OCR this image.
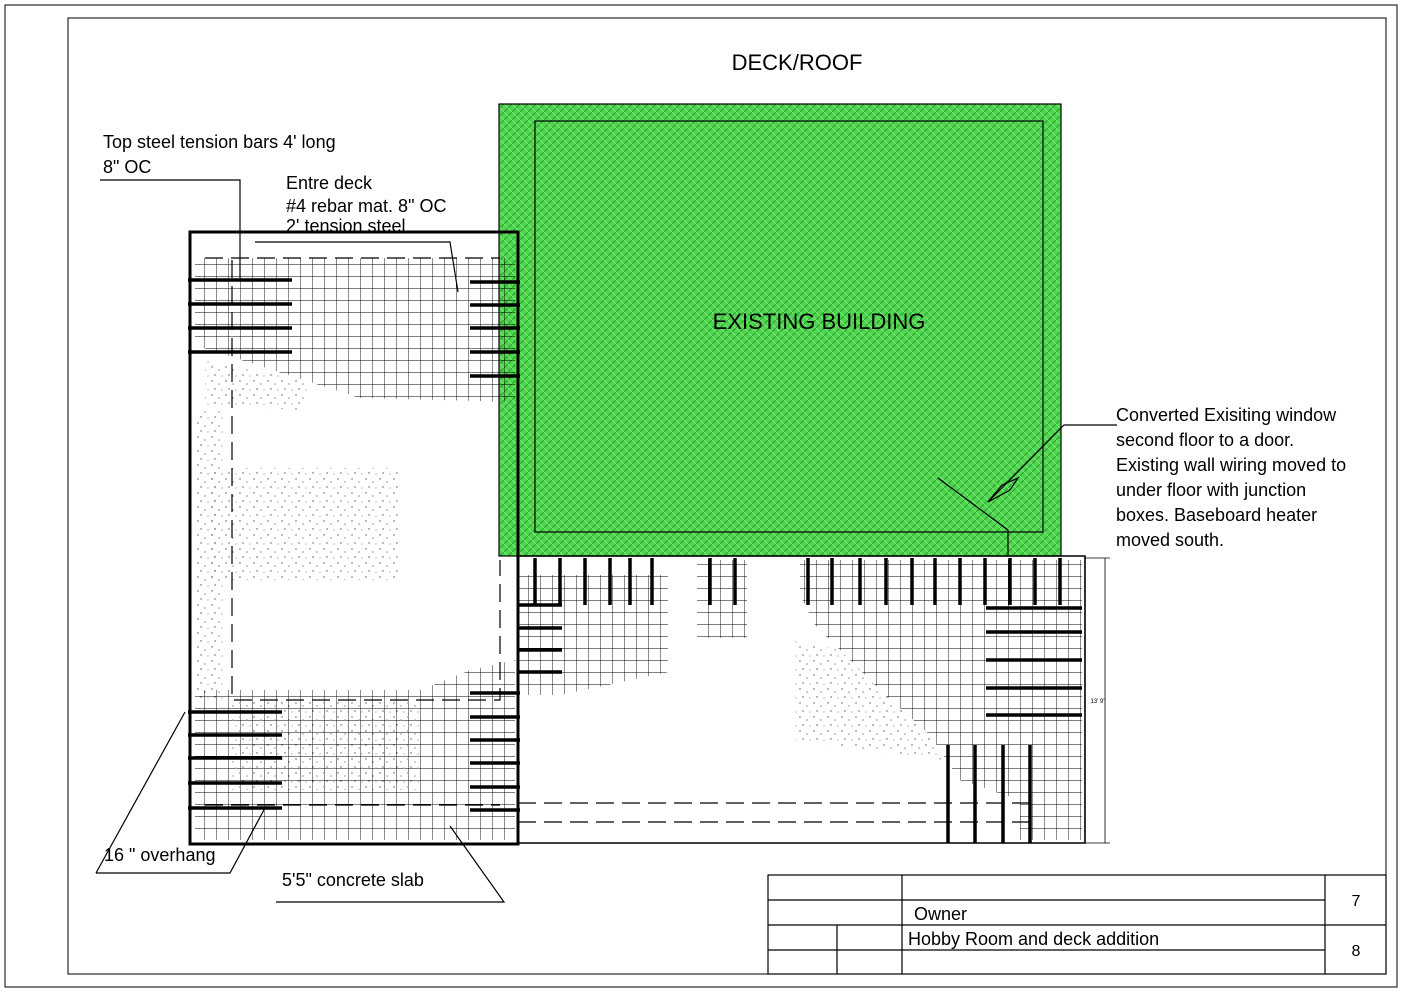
DECK/ROOF
EXISTING BUILDING
13' 9"
Top steel tension bars 4' long
8" OC
Entre deck
#4 rebar mat. 8" OC
2' tension steel
Converted Exisiting window
second floor to a door.
Existing wall wiring moved to
under floor with junction
boxes. Baseboard heater
moved south.
16 " overhang
5'5" concrete slab
Owner
Hobby Room and deck addition
7
8
